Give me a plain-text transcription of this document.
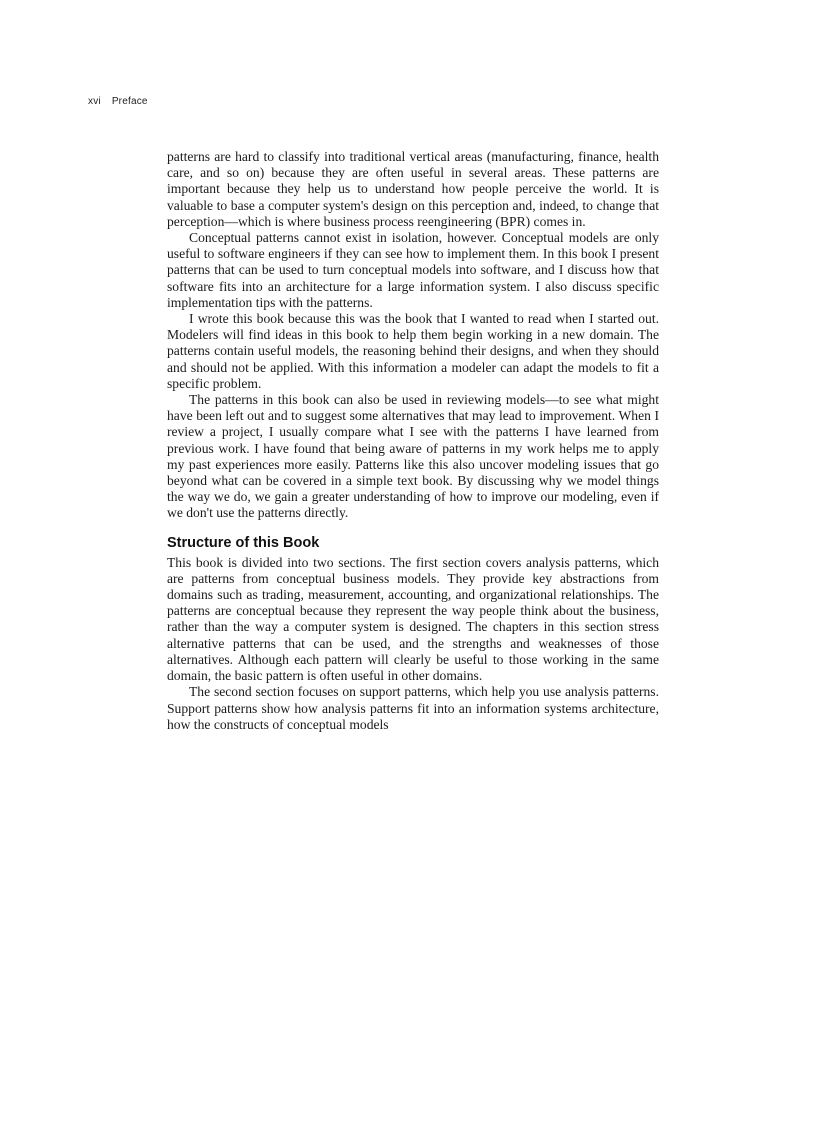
xvi Preface

patterns are hard to classify into traditional vertical areas (manufacturing, finance, health care, and so on) because they are often useful in several areas. These patterns are important because they help us to understand how people perceive the world. It is valuable to base a computer system's design on this perception and, indeed, to change that perception—which is where business process reengineering (BPR) comes in.

Conceptual patterns cannot exist in isolation, however. Conceptual models are only useful to software engineers if they can see how to implement them. In this book I present patterns that can be used to turn conceptual models into software, and I discuss how that software fits into an architecture for a large information system. I also discuss specific implementation tips with the patterns.

I wrote this book because this was the book that I wanted to read when I started out. Modelers will find ideas in this book to help them begin working in a new domain. The patterns contain useful models, the reasoning behind their designs, and when they should and should not be applied. With this information a modeler can adapt the models to fit a specific problem.

The patterns in this book can also be used in reviewing models—to see what might have been left out and to suggest some alternatives that may lead to improvement. When I review a project, I usually compare what I see with the patterns I have learned from previous work. I have found that being aware of patterns in my work helps me to apply my past experiences more easily. Patterns like this also uncover modeling issues that go beyond what can be covered in a simple text book. By discussing why we model things the way we do, we gain a greater understanding of how to improve our modeling, even if we don't use the patterns directly.

Structure of this Book

This book is divided into two sections. The first section covers analysis patterns, which are patterns from conceptual business models. They provide key abstractions from domains such as trading, measurement, accounting, and organizational relationships. The patterns are conceptual because they represent the way people think about the business, rather than the way a computer system is designed. The chapters in this section stress alternative patterns that can be used, and the strengths and weaknesses of those alternatives. Although each pattern will clearly be useful to those working in the same domain, the basic pattern is often useful in other domains.

The second section focuses on support patterns, which help you use analysis patterns. Support patterns show how analysis patterns fit into an information systems architecture, how the constructs of conceptual models
